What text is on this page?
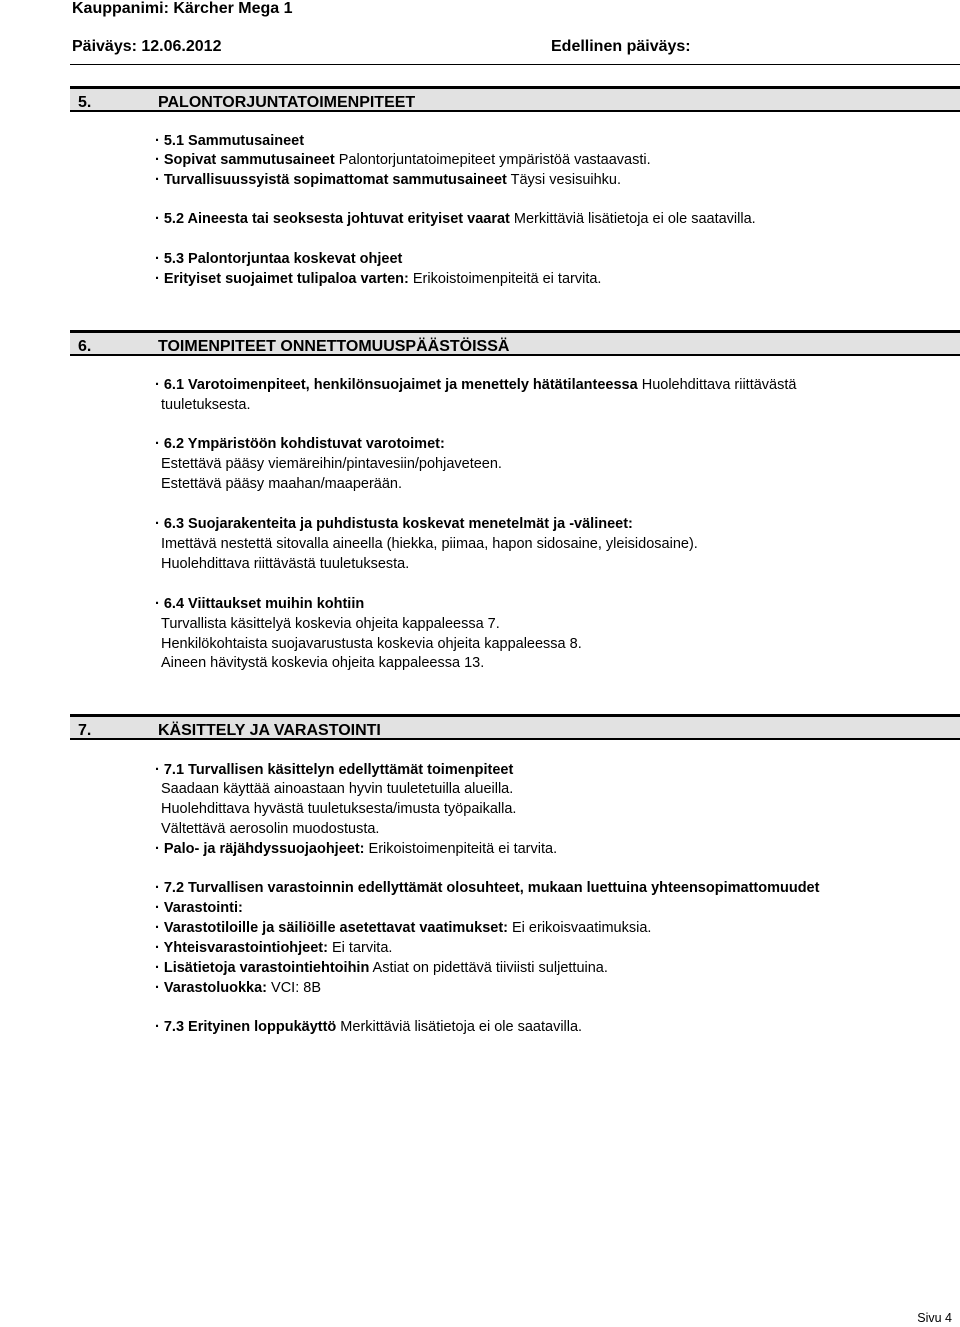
Kauppanimi: Kärcher Mega 1
Päiväys: 12.06.2012	Edellinen päiväys:
5.	PALONTORJUNTATOIMENPITEET
· 5.1 Sammutusaineet
· Sopivat sammutusaineet Palontorjuntatoimepiteet ympäristöä vastaavasti.
· Turvallisuussyistä sopimattomat sammutusaineet Täysi vesisuihku.
· 5.2 Aineesta tai seoksesta johtuvat erityiset vaarat Merkittäviä lisätietoja ei ole saatavilla.
· 5.3 Palontorjuntaa koskevat ohjeet
· Erityiset suojaimet tulipaloa varten: Erikoistoimenpiteitä ei tarvita.
6.	TOIMENPITEET ONNETTOMUUSPÄÄSTÖISSÄ
· 6.1 Varotoimenpiteet, henkilönsuojaimet ja menettely hätätilanteessa Huolehdittava riittävästä
tuuletuksesta.
· 6.2 Ympäristöön kohdistuvat varotoimet:
Estettävä pääsy viemäreihin/pintavesiin/pohjaveteen.
Estettävä pääsy maahan/maaperään.
· 6.3 Suojarakenteita ja puhdistusta koskevat menetelmät ja -välineet:
Imettävä nestettä sitovalla aineella (hiekka, piimaa, hapon sidosaine, yleisidosaine).
Huolehdittava riittävästä tuuletuksesta.
· 6.4 Viittaukset muihin kohtiin
Turvallista käsittelyä koskevia ohjeita kappaleessa 7.
Henkilökohtaista suojavarustusta koskevia ohjeita kappaleessa 8.
Aineen hävitystä koskevia ohjeita kappaleessa 13.
7.	KÄSITTELY JA VARASTOINTI
· 7.1 Turvallisen käsittelyn edellyttämät toimenpiteet
Saadaan käyttää ainoastaan hyvin tuuletetuilla alueilla.
Huolehdittava hyvästä tuuletuksesta/imusta työpaikalla.
Vältettävä aerosolin muodostusta.
· Palo- ja räjähdyssuojaohjeet: Erikoistoimenpiteitä ei tarvita.
· 7.2 Turvallisen varastoinnin edellyttämät olosuhteet, mukaan luettuina yhteensopimattomuudet
· Varastointi:
· Varastotiloille ja säiliöille asetettavat vaatimukset: Ei erikoisvaatimuksia.
· Yhteisvarastointiohjeet: Ei tarvita.
· Lisätietoja varastointiehtoihin Astiat on pidettävä tiiviisti suljettuina.
· Varastoluokka: VCI: 8B
· 7.3 Erityinen loppukäyttö Merkittäviä lisätietoja ei ole saatavilla.
Sivu 4
